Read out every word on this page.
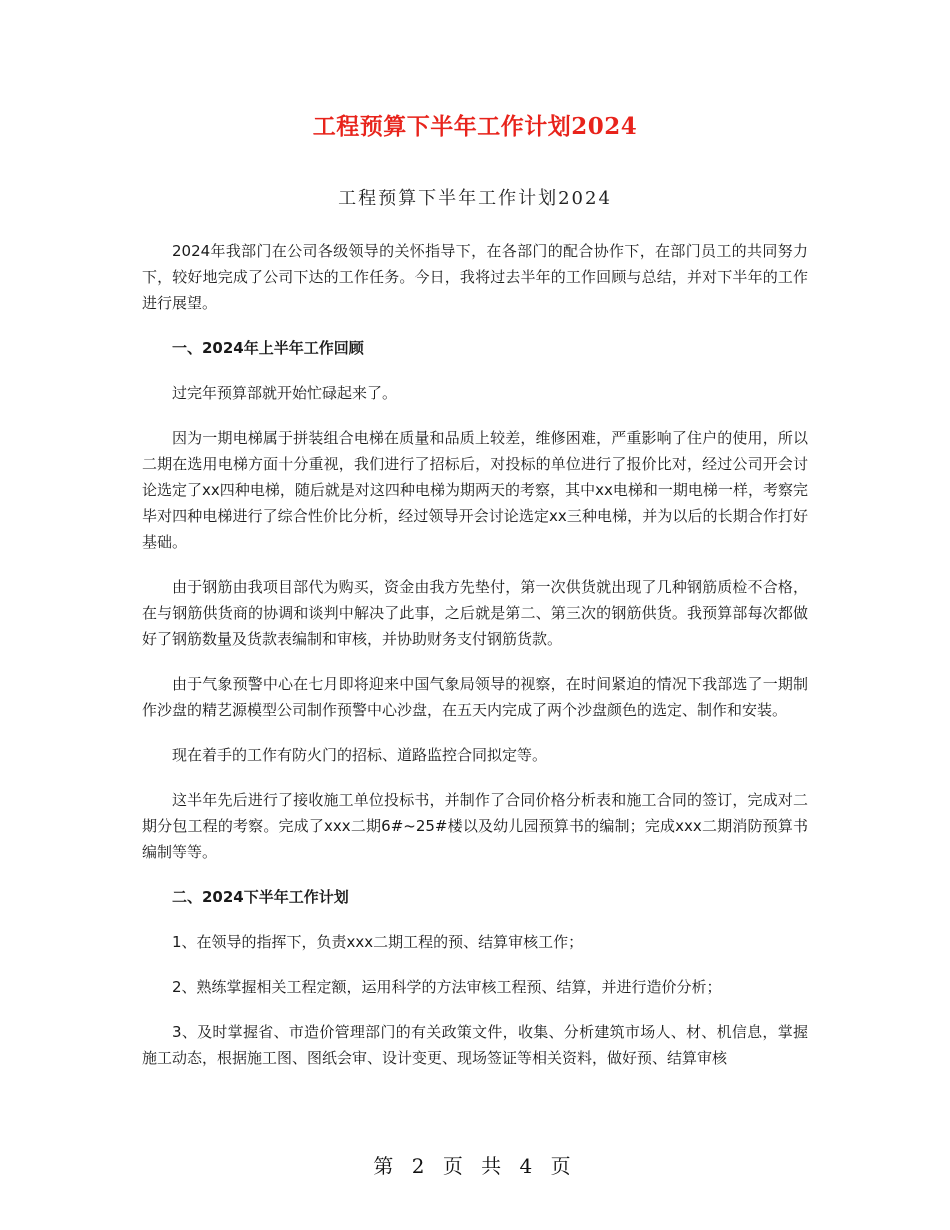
工程预算下半年工作计划2024
工程预算下半年工作计划2024

2024年我部门在公司各级领导的关怀指导下，在各部门的配合协作下，在部门员工的共同努力下，较好地完成了公司下达的工作任务。今日，我将过去半年的工作回顾与总结，并对下半年的工作进行展望。

一、2024年上半年工作回顾

过完年预算部就开始忙碌起来了。

因为一期电梯属于拼装组合电梯在质量和品质上较差，维修困难，严重影响了住户的使用，所以二期在选用电梯方面十分重视，我们进行了招标后，对投标的单位进行了报价比对，经过公司开会讨论选定了xx四种电梯，随后就是对这四种电梯为期两天的考察，其中xx电梯和一期电梯一样，考察完毕对四种电梯进行了综合性价比分析，经过领导开会讨论选定xx三种电梯，并为以后的长期合作打好基础。

由于钢筋由我项目部代为购买，资金由我方先垫付，第一次供货就出现了几种钢筋质检不合格，在与钢筋供货商的协调和谈判中解决了此事，之后就是第二、第三次的钢筋供货。我预算部每次都做好了钢筋数量及货款表编制和审核，并协助财务支付钢筋货款。

由于气象预警中心在七月即将迎来中国气象局领导的视察，在时间紧迫的情况下我部选了一期制作沙盘的精艺源模型公司制作预警中心沙盘，在五天内完成了两个沙盘颜色的选定、制作和安装。

现在着手的工作有防火门的招标、道路监控合同拟定等。

这半年先后进行了接收施工单位投标书，并制作了合同价格分析表和施工合同的签订，完成对二期分包工程的考察。完成了xxx二期6#~25#楼以及幼儿园预算书的编制；完成xxx二期消防预算书编制等等。

二、2024下半年工作计划

1、在领导的指挥下，负责xxx二期工程的预、结算审核工作；

2、熟练掌握相关工程定额，运用科学的方法审核工程预、结算，并进行造价分析；

3、及时掌握省、市造价管理部门的有关政策文件，收集、分析建筑市场人、材、机信息，掌握施工动态，根据施工图、图纸会审、设计变更、现场签证等相关资料，做好预、结算审核

第 2 页 共 4 页
